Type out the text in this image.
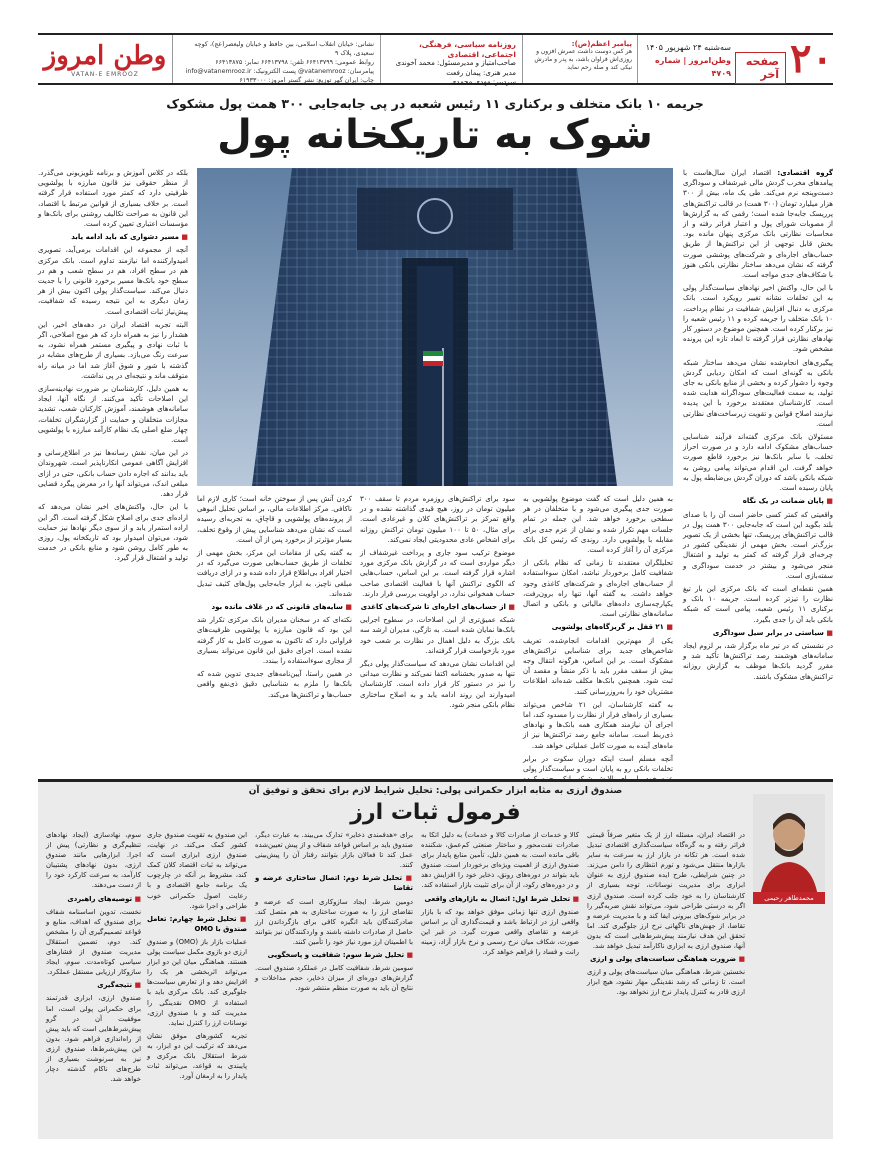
۲۰
صفحه آخر
سه‌شنبه ۲۴ شهریور ۱۴۰۵
وطن‌امروز | شماره ۴۷۰۹
پیامبر اعظم(ص):
هر کس دوست داشت عمرش افزون و روزی‌اش فراوان باشد، به پدر و مادرش نیکی کند و صله رحم نماید
روزنامه سیاسی، فرهنگی، اجتماعی، اقتصادی
صاحب‌امتیاز و مدیرمسئول: محمد آخوندی
مدیر هنری: پیمان رفعت
سردبیر: مهدی محمدی
نشانی: خیابان انقلاب اسلامی، بین حافظ و خیابان ولیعصر(عج)، کوچه سعیدی، پلاک ۹
روابط عمومی: ۶۶۴۱۳۷۹۹ تلفن: ۶۶۴۱۳۷۹۸ نمابر: ۶۶۴۱۳۸۷۵
پیامرسان: vatanemrooz@ پست الکترونیک: info@vatanemrooz.ir
چاپ: ایران گهر توزیع: نشر گستر امروز: ۶۱۹۳۳۰۰۰
وطن امروز
VATAN-E EMROOZ
جریمه ۱۰ بانک متخلف و برکناری ۱۱ رئیس شعبه در پی جابه‌جایی ۳۰۰ همت پول مشکوک
شوک به تاریکخانه پول

گروه اقتصادی: اقتصاد ایران سال‌هاست با پیامدهای مخرب گردش مالی غیرشفاف و سوداگری دست‌وپنجه نرم می‌کند. طی یک ماه، بیش از ۳۰۰ هزار میلیارد تومان (۳۰۰ همت) در قالب تراکنش‌های پرریسک جابه‌جا شده است؛ رقمی که به گزارش‌ها از مصوبات شورای پول و اعتبار فراتر رفته و از محاسبات نظارتی بانک مرکزی پنهان مانده بود. بخش قابل توجهی از این تراکنش‌ها از طریق حساب‌های اجاره‌ای و شرکت‌های پوششی صورت گرفته که نشان می‌دهد ساختار نظارتی بانکی هنوز با شکاف‌های جدی مواجه است.

با این حال، واکنش اخیر نهادهای سیاست‌گذار پولی به این تخلفات نشانه تغییر رویکرد است. بانک مرکزی به دنبال افزایش شفافیت در نظام پرداخت، ۱۰ بانک متخلف را جریمه کرده و ۱۱ رئیس شعبه را نیز برکنار کرده است. همچنین موضوع در دستور کار نهادهای نظارتی قرار گرفته تا ابعاد تازه این پرونده مشخص شود.

پیگیری‌های انجام‌شده نشان می‌دهد ساختار شبکه بانکی به گونه‌ای است که امکان ردیابی گردش وجوه را دشوار کرده و بخشی از منابع بانکی به جای تولید، به سمت فعالیت‌های سوداگرانه هدایت شده است. کارشناسان معتقدند برخورد با این پدیده نیازمند اصلاح قوانین و تقویت زیرساخت‌های نظارتی است.

مسئولان بانک مرکزی گفته‌اند فرآیند شناسایی حساب‌های مشکوک ادامه دارد و در صورت احراز تخلف، با سایر بانک‌ها نیز برخورد قاطع صورت خواهد گرفت. این اقدام می‌تواند پیامی روشن به شبکه بانکی باشد که دوران گردش بی‌ضابطه پول به پایان رسیده است.

■ پایان ضمانت در یک نگاه

واقعیتی که کمتر کسی حاضر است آن را با صدای بلند بگوید این است که جابه‌جایی ۳۰۰ همت پول در قالب تراکنش‌های پرریسک، تنها بخشی از یک تصویر بزرگ‌تر است. بخش مهمی از نقدینگی کشور در چرخه‌ای قرار گرفته که کمتر به تولید و اشتغال منجر می‌شود و بیشتر در خدمت سوداگری و سفته‌بازی است.

همین نقطه‌ای است که بانک مرکزی این بار تیغ نظارت را تیزتر کرده است. جریمه ۱۰ بانک و برکناری ۱۱ رئیس شعبه، پیامی است که شبکه بانکی باید آن را جدی بگیرد.

■ سیاستی در برابر سیل سوداگری

در نشستی که در تیر ماه برگزار شد، بر لزوم ایجاد سامانه‌های هوشمند رصد تراکنش‌ها تأکید شد و مقرر گردید بانک‌ها موظف به گزارش روزانه تراکنش‌های مشکوک باشند.

بلکه در کلاس آموزش و برنامه تلویزیونی می‌گذرد. از منظر حقوقی نیز قانون مبارزه با پولشویی ظرفیتی دارد که کمتر مورد استفاده قرار گرفته است. بر خلاف بسیاری از قوانین مرتبط با اقتصاد، این قانون به صراحت تکالیف روشنی برای بانک‌ها و مؤسسات اعتباری تعیین کرده است.

■ مسیر دشواری که باید ادامه یابد

آنچه از مجموعه این اقدامات برمی‌آید، تصویری امیدوارکننده اما نیازمند تداوم است. بانک مرکزی هم در سطح افراد، هم در سطح شعب و هم در سطح خود بانک‌ها مسیر برخورد قانونی را با جدیت دنبال می‌کند. سیاست‌گذار پولی اکنون بیش از هر زمان دیگری به این نتیجه رسیده که شفافیت، پیش‌نیاز ثبات اقتصادی است.

البته تجربه اقتصاد ایران در دهه‌های اخیر، این هشدار را نیز به همراه دارد که هر موج اصلاحی، اگر با ثبات نهادی و پیگیری مستمر همراه نشود، به سرعت رنگ می‌بازد. بسیاری از طرح‌های مشابه در گذشته با شور و شوق آغاز شد اما در میانه راه متوقف ماند و نتیجه‌ای در پی نداشت.

به همین دلیل، کارشناسان بر ضرورت نهادینه‌سازی این اصلاحات تأکید می‌کنند. از نگاه آنها، ایجاد سامانه‌های هوشمند، آموزش کارکنان شعب، تشدید مجازات متخلفان و حمایت از گزارشگران تخلفات، چهار ضلع اصلی یک نظام کارآمد مبارزه با پولشویی است.

در این میان، نقش رسانه‌ها نیز در اطلاع‌رسانی و افزایش آگاهی عمومی انکارناپذیر است. شهروندان باید بدانند که اجاره دادن حساب بانکی، حتی در ازای مبلغی اندک، می‌تواند آنها را در معرض پیگرد قضایی قرار دهد.

با این حال، واکنش‌های اخیر نشان می‌دهد که اراده‌ای جدی برای اصلاح شکل گرفته است. اگر این اراده استمرار یابد و از سوی دیگر نهادها نیز حمایت شود، می‌توان امیدوار بود که تاریکخانه پول، روزی به طور کامل روشن شود و منابع بانکی در خدمت تولید و اشتغال قرار گیرد.

به همین دلیل است که گفت موضوع پولشویی به صورت جدی پیگیری می‌شود و با متخلفان در هر سطحی برخورد خواهد شد. این جمله در تمام جلسات مهم تکرار شده و نشان از عزم جدی برای مقابله با پولشویی دارد. روندی که رئیس کل بانک مرکزی آن را آغاز کرده است.

تحلیلگران معتقدند تا زمانی که نظام بانکی از شفافیت کامل برخوردار نباشد، امکان سوءاستفاده از حساب‌های اجاره‌ای و شرکت‌های کاغذی وجود خواهد داشت. به گفته آنها، تنها راه برون‌رفت، یکپارچه‌سازی داده‌های مالیاتی و بانکی و اتصال سامانه‌های نظارتی است.

■ ۲۱ قفل بر گریزگاه‌های پولشویی

یکی از مهم‌ترین اقدامات انجام‌شده، تعریف شاخص‌های جدید برای شناسایی تراکنش‌های مشکوک است. بر این اساس، هرگونه انتقال وجه بیش از سقف مقرر باید با ذکر منشأ و مقصد آن ثبت شود. همچنین بانک‌ها مکلف شده‌اند اطلاعات مشتریان خود را به‌روزرسانی کنند.

به گفته کارشناسان، این ۲۱ شاخص می‌تواند بسیاری از راه‌های فرار از نظارت را مسدود کند، اما اجرای آن نیازمند همکاری همه بانک‌ها و نهادهای ذی‌ربط است. سامانه جامع رصد تراکنش‌ها نیز از ماه‌های آینده به صورت کامل عملیاتی خواهد شد.

آنچه مسلم است اینکه دوران سکوت در برابر تخلفات بانکی رو به پایان است و سیاست‌گذار پولی

سود برای تراکنش‌های روزمره مردم تا سقف ۳۰۰ میلیون تومان در روز، هیچ قیدی گذاشته نشده و در واقع تمرکز بر تراکنش‌های کلان و غیرعادی است. برای مثال، ۵۰ تا ۱۰۰ میلیون تومان تراکنش روزانه برای اشخاص عادی محدودیتی ایجاد نمی‌کند.

موضوع ترکیب سود جاری و پرداخت غیرشفاف از دیگر مواردی است که در گزارش بانک مرکزی مورد اشاره قرار گرفته است. بر این اساس، حساب‌هایی که الگوی تراکنش آنها با فعالیت اقتصادی صاحب حساب همخوانی ندارد، در اولویت بررسی قرار دارند.

■ از حساب‌های اجاره‌ای تا شرکت‌های کاغذی

شبکه عمیق‌تری از این اصلاحات، در سطوح اجرایی بانک‌ها نمایان شده است. به تازگی، مدیران ارشد سه بانک بزرگ به دلیل اهمال در نظارت بر شعب خود مورد بازخواست قرار گرفته‌اند.

این اقدامات نشان می‌دهد که سیاست‌گذار پولی دیگر تنها به صدور بخشنامه اکتفا نمی‌کند و نظارت میدانی را نیز در دستور کار قرار داده است. کارشناسان امیدوارند این روند ادامه یابد و به اصلاح ساختاری نظام بانکی منجر شود.

کردن آتش پس از سوختن خانه است؛ کاری لازم اما ناکافی. مرکز اطلاعات مالی، بر اساس تحلیل انبوهی از پرونده‌های پولشویی و قاچاق، به تجربه‌ای رسیده است که نشان می‌دهد شناسایی پیش از وقوع تخلف، بسیار مؤثرتر از برخورد پس از آن است.

به گفته یکی از مقامات این مرکز، بخش مهمی از تخلفات از طریق حساب‌هایی صورت می‌گیرد که در اختیار افراد بی‌اطلاع قرار داده شده و در ازای دریافت مبلغی ناچیز، به ابزار جابه‌جایی پول‌های کثیف تبدیل شده‌اند.

■ سایه‌های قانونی که در غلاف مانده بود

نکته‌ای که در سخنان مدیران بانک مرکزی تکرار شد این بود که قانون مبارزه با پولشویی ظرفیت‌های فراوانی دارد که تاکنون به صورت کامل به کار گرفته نشده است. اجرای دقیق این قانون می‌تواند بسیاری از مجاری سوءاستفاده را ببندد.

در همین راستا، آیین‌نامه‌های جدیدی تدوین شده که بانک‌ها را ملزم به شناسایی دقیق ذی‌نفع واقعی حساب‌ها و تراکنش‌ها می‌کند.

صندوق ارزی به مثابه ابزار حکمرانی پولی: تحلیل شرایط لازم برای تحقق و توفیق آن
فرمول ثبات ارز
محمدطاهر رحیمی

در اقتصاد ایران، مسئله ارز از یک متغیر صرفاً قیمتی فراتر رفته و به گره‌گاه سیاست‌گذاری اقتصادی تبدیل شده است. هر تکانه در بازار ارز به سرعت به سایر بازارها منتقل می‌شود و تورم انتظاری را دامن می‌زند. در چنین شرایطی، طرح ایده صندوق ارزی به عنوان ابزاری برای مدیریت نوسانات، توجه بسیاری از کارشناسان را به خود جلب کرده است. صندوق ارزی اگر به درستی طراحی شود، می‌تواند نقش ضربه‌گیر را در برابر شوک‌های بیرونی ایفا کند و با مدیریت عرضه و تقاضا، از جهش‌های ناگهانی نرخ ارز جلوگیری کند. اما تحقق این هدف نیازمند پیش‌شرط‌هایی است که بدون آنها، صندوق ارزی به ابزاری ناکارآمد تبدیل خواهد شد.

■ ضرورت هماهنگی سیاست‌های پولی و ارزی

نخستین شرط، هماهنگی میان سیاست‌های پولی و ارزی است. تا زمانی که رشد نقدینگی مهار نشود، هیچ ابزار ارزی قادر به کنترل پایدار نرخ ارز نخواهد بود.

کالا و خدمات از صادرات کالا و خدمات) به دلیل اتکا به صادرات نفت‌محور و ساختار صنعتی کم‌عمق، شکننده باقی مانده است. به همین دلیل، تأمین منابع پایدار برای صندوق ارزی از اهمیت ویژه‌ای برخوردار است. صندوق باید بتواند در دوره‌های رونق، ذخایر خود را افزایش دهد و در دوره‌های رکود، از آن برای تثبیت بازار استفاده کند.

■ تحلیل شرط اول: اتصال به بازارهای واقعی

صندوق ارزی تنها زمانی موفق خواهد بود که با بازار واقعی ارز در ارتباط باشد و قیمت‌گذاری آن بر اساس عرضه و تقاضای واقعی صورت گیرد. در غیر این صورت، شکاف میان نرخ رسمی و نرخ بازار آزاد، زمینه رانت و فساد را فراهم خواهد کرد.

برای «هدفمندی ذخایر» تدارک می‌بیند. به عبارت دیگر، صندوق باید بر اساس قواعد شفاف و از پیش تعیین‌شده عمل کند تا فعالان بازار بتوانند رفتار آن را پیش‌بینی کنند.

■ تحلیل شرط دوم: اتصال ساختاری عرضه و تقاضا

دومین شرط، ایجاد سازوکاری است که عرضه و تقاضای ارز را به صورت ساختاری به هم متصل کند. صادرکنندگان باید انگیزه کافی برای بازگرداندن ارز حاصل از صادرات داشته باشند و واردکنندگان نیز بتوانند با اطمینان ارز مورد نیاز خود را تأمین کنند.

■ تحلیل شرط سوم: شفافیت و پاسخگویی

سومین شرط، شفافیت کامل در عملکرد صندوق است. گزارش‌های دوره‌ای از میزان ذخایر، حجم مداخلات و نتایج آن باید به صورت منظم منتشر شود.

این صندوق به تقویت صندوق جاری کشور کمک می‌کند. در نهایت، صندوق ارزی ابزاری است که می‌تواند به ثبات اقتصاد کلان کمک کند، مشروط بر آنکه در چارچوب یک برنامه جامع اقتصادی و با رعایت اصول حکمرانی خوب طراحی و اجرا شود.

■ تحلیل شرط چهارم: تعامل صندوق با OMO

عملیات بازار باز (OMO) و صندوق ارزی دو بازوی مکمل سیاست پولی هستند. هماهنگی میان این دو ابزار می‌تواند اثربخشی هر یک را افزایش دهد و از تعارض سیاست‌ها جلوگیری کند. بانک مرکزی باید با استفاده از OMO نقدینگی را مدیریت کند و با صندوق ارزی، نوسانات ارز را کنترل نماید.

تجربه کشورهای موفق نشان می‌دهد که ترکیب این دو ابزار، به شرط استقلال بانک مرکزی و پایبندی به قواعد، می‌تواند ثبات پایدار را به ارمغان آورد.

سوم، نهادسازی (ایجاد نهادهای تنظیم‌گری و نظارتی) پیش از اجرا. ابزارهایی مانند صندوق ارزی، بدون نهادهای پشتیبان کارآمد، به سرعت کارکرد خود را از دست می‌دهند.

■ توصیه‌های راهبردی

نخست، تدوین اساسنامه شفاف برای صندوق که اهداف، منابع و قواعد تصمیم‌گیری آن را مشخص کند. دوم، تضمین استقلال مدیریت صندوق از فشارهای سیاسی کوتاه‌مدت. سوم، ایجاد سازوکار ارزیابی مستقل عملکرد.

■ نتیجه‌گیری

صندوق ارزی، ابزاری قدرتمند برای حکمرانی پولی است، اما موفقیت آن در گرو پیش‌شرط‌هایی است که باید پیش از راه‌اندازی فراهم شود. بدون این پیش‌شرط‌ها، صندوق ارزی نیز به سرنوشت بسیاری از طرح‌های ناکام گذشته دچار خواهد شد.
